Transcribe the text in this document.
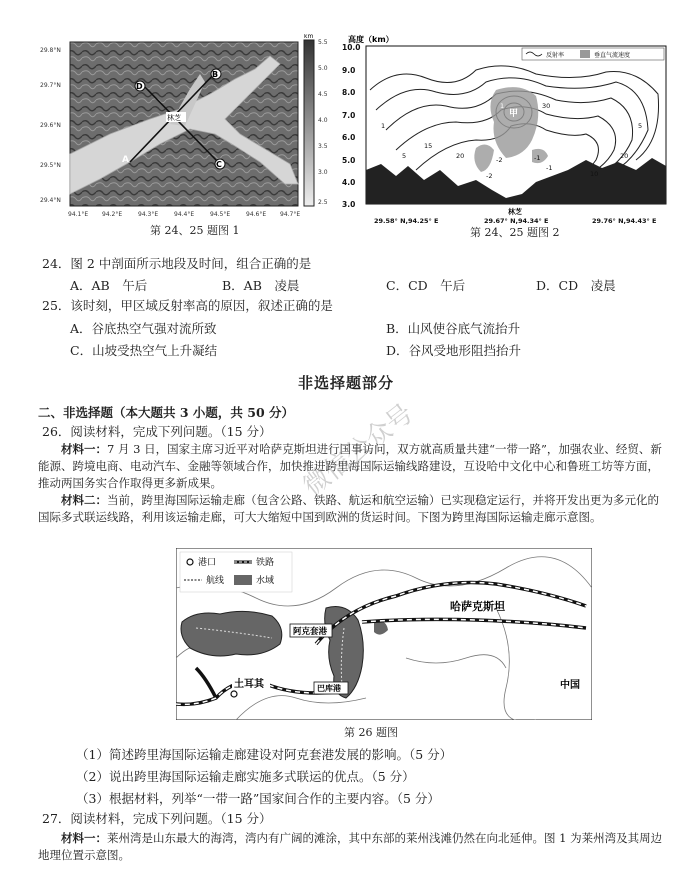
B
A
D
C
林芝
29.8°N
29.7°N
29.6°N
29.5°N
29.4°N
94.1°E 94.2°E	94.3°E	94.4°E	94.5°E	94.6°E 94.7°E
km
5.5
5.0
4.5
4.0
3.5
3.0
2.5
第 24、25 题图 1
高度（km）
10.0
9.0
8.0
7.0
6.0
5.0
4.0
3.0
反射率	垂直气流速度
甲
林芝
1
1
30
5
-2	-1
15
20
5
10
20
-2
-1
29.58° N,94.25° E	29.67° N,94.34° E	29.76° N,94.43° E
第 24、25 题图 2
24．图 2 中剖面所示地段及时间，组合正确的是
A．AB　午后	B．AB　凌晨	C．CD　午后	D．CD　凌晨
25．该时刻，甲区域反射率高的原因，叙述正确的是
A．谷底热空气强对流所致	B．山风使谷底气流抬升
C．山坡受热空气上升凝结	D．谷风受地形阻挡抬升
非选择题部分
二、非选择题（本大题共 3 小题，共 50 分）
26．阅读材料，完成下列问题。（15 分）
材料一：7 月 3 日，国家主席习近平对哈萨克斯坦进行国事访问，双方就高质量共建“一带一路”，加强农业、经贸、新能源、跨境电商、电动汽车、金融等领域合作，加快推进跨里海国际运输线路建设，互设哈中文化中心和鲁班工坊等方面，推动两国务实合作取得更多新成果。
材料二：当前，跨里海国际运输走廊（包含公路、铁路、航运和航空运输）已实现稳定运行，并将开发出更为多元化的国际多式联运线路，利用该运输走廊，可大大缩短中国到欧洲的货运时间。下图为跨里海国际运输走廊示意图。
港口	铁路
航线	水域
哈萨克斯坦
阿克套港
巴库港
土耳其	中国
第 26 题图
（1）简述跨里海国际运输走廊建设对阿克套港发展的影响。（5 分）
（2）说出跨里海国际运输走廊实施多式联运的优点。（5 分）
（3）根据材料，列举“一带一路”国家间合作的主要内容。（5 分）
27．阅读材料，完成下列问题。（15 分）
材料一：莱州湾是山东最大的海湾，湾内有广阔的滩涂，其中东部的莱州浅滩仍然在向北延伸。图 1 为莱州湾及其周边地理位置示意图。
微信公众号
